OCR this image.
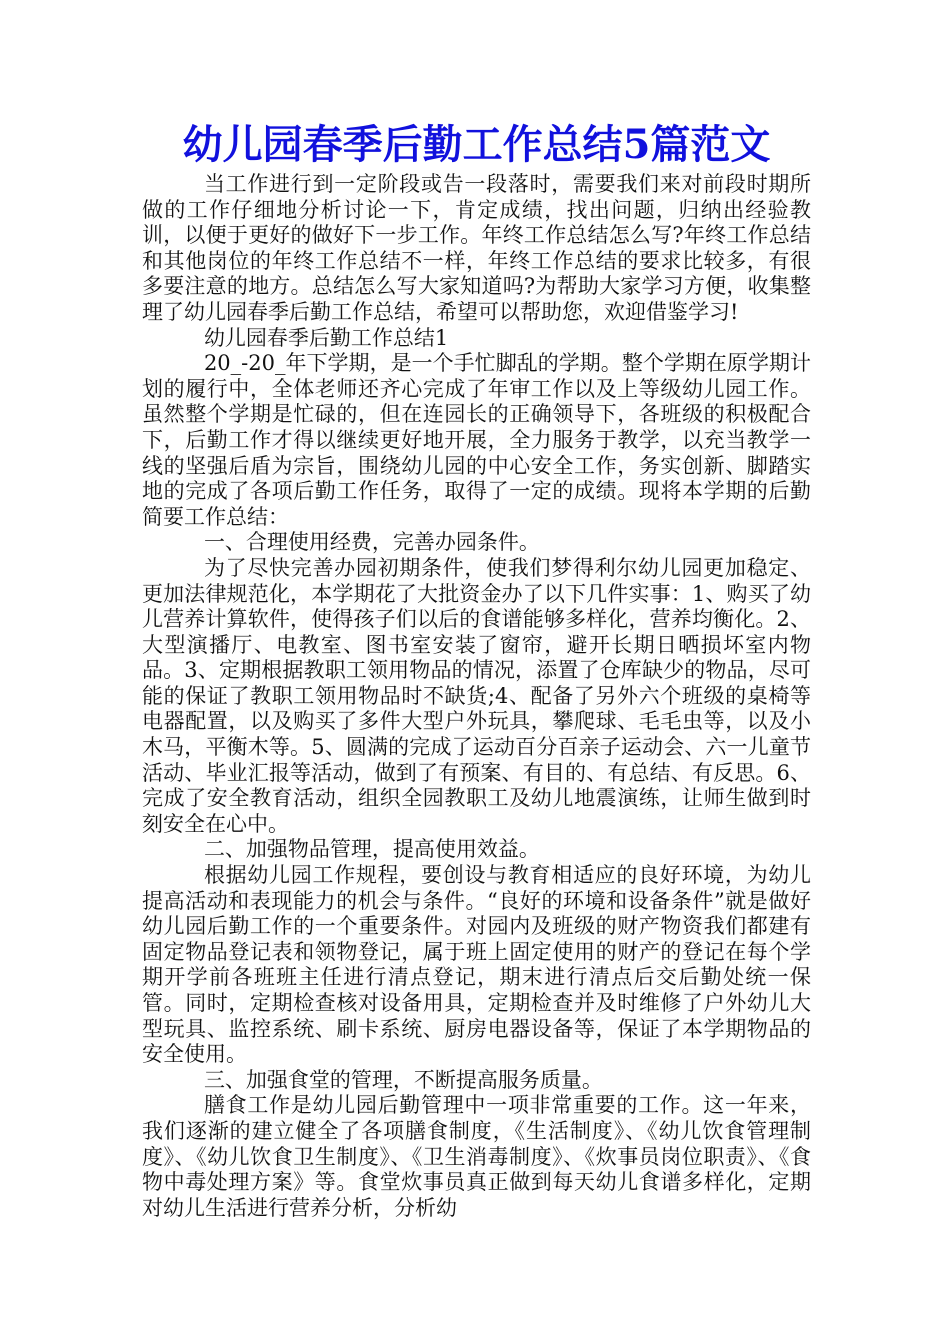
幼儿园春季后勤工作总结5篇范文

当工作进行到一定阶段或告一段落时，需要我们来对前段时期所做的工作仔细地分析讨论一下，肯定成绩，找出问题，归纳出经验教训，以便于更好的做好下一步工作。年终工作总结怎么写?年终工作总结和其他岗位的年终工作总结不一样，年终工作总结的要求比较多，有很多要注意的地方。总结怎么写大家知道吗?为帮助大家学习方便，收集整理了幼儿园春季后勤工作总结，希望可以帮助您，欢迎借鉴学习!

幼儿园春季后勤工作总结1

20_-20_年下学期，是一个手忙脚乱的学期。整个学期在原学期计划的履行中，全体老师还齐心完成了年审工作以及上等级幼儿园工作。虽然整个学期是忙碌的，但在连园长的正确领导下，各班级的积极配合下，后勤工作才得以继续更好地开展，全力服务于教学，以充当教学一线的坚强后盾为宗旨，围绕幼儿园的中心安全工作，务实创新、脚踏实地的完成了各项后勤工作任务，取得了一定的成绩。现将本学期的后勤简要工作总结：

一、合理使用经费，完善办园条件。

为了尽快完善办园初期条件，使我们梦得利尔幼儿园更加稳定、更加法律规范化，本学期花了大批资金办了以下几件实事：1、购买了幼儿营养计算软件，使得孩子们以后的食谱能够多样化，营养均衡化。2、大型演播厅、电教室、图书室安装了窗帘，避开长期日晒损坏室内物品。3、定期根据教职工领用物品的情况，添置了仓库缺少的物品，尽可能的保证了教职工领用物品时不缺货;4、配备了另外六个班级的桌椅等电器配置，以及购买了多件大型户外玩具，攀爬球、毛毛虫等，以及小木马，平衡木等。5、圆满的完成了运动百分百亲子运动会、六一儿童节活动、毕业汇报等活动，做到了有预案、有目的、有总结、有反思。6、完成了安全教育活动，组织全园教职工及幼儿地震演练，让师生做到时刻安全在心中。

二、加强物品管理，提高使用效益。

根据幼儿园工作规程，要创设与教育相适应的良好环境，为幼儿提高活动和表现能力的机会与条件。“良好的环境和设备条件”就是做好幼儿园后勤工作的一个重要条件。对园内及班级的财产物资我们都建有固定物品登记表和领物登记，属于班上固定使用的财产的登记在每个学期开学前各班班主任进行清点登记，期末进行清点后交后勤处统一保管。同时，定期检查核对设备用具，定期检查并及时维修了户外幼儿大型玩具、监控系统、刷卡系统、厨房电器设备等，保证了本学期物品的安全使用。

三、加强食堂的管理，不断提高服务质量。

膳食工作是幼儿园后勤管理中一项非常重要的工作。这一年来，我们逐渐的建立健全了各项膳食制度，《生活制度》、《幼儿饮食管理制度》、《幼儿饮食卫生制度》、《卫生消毒制度》、《炊事员岗位职责》、《食物中毒处理方案》等。食堂炊事员真正做到每天幼儿食谱多样化，定期对幼儿生活进行营养分析，分析幼
